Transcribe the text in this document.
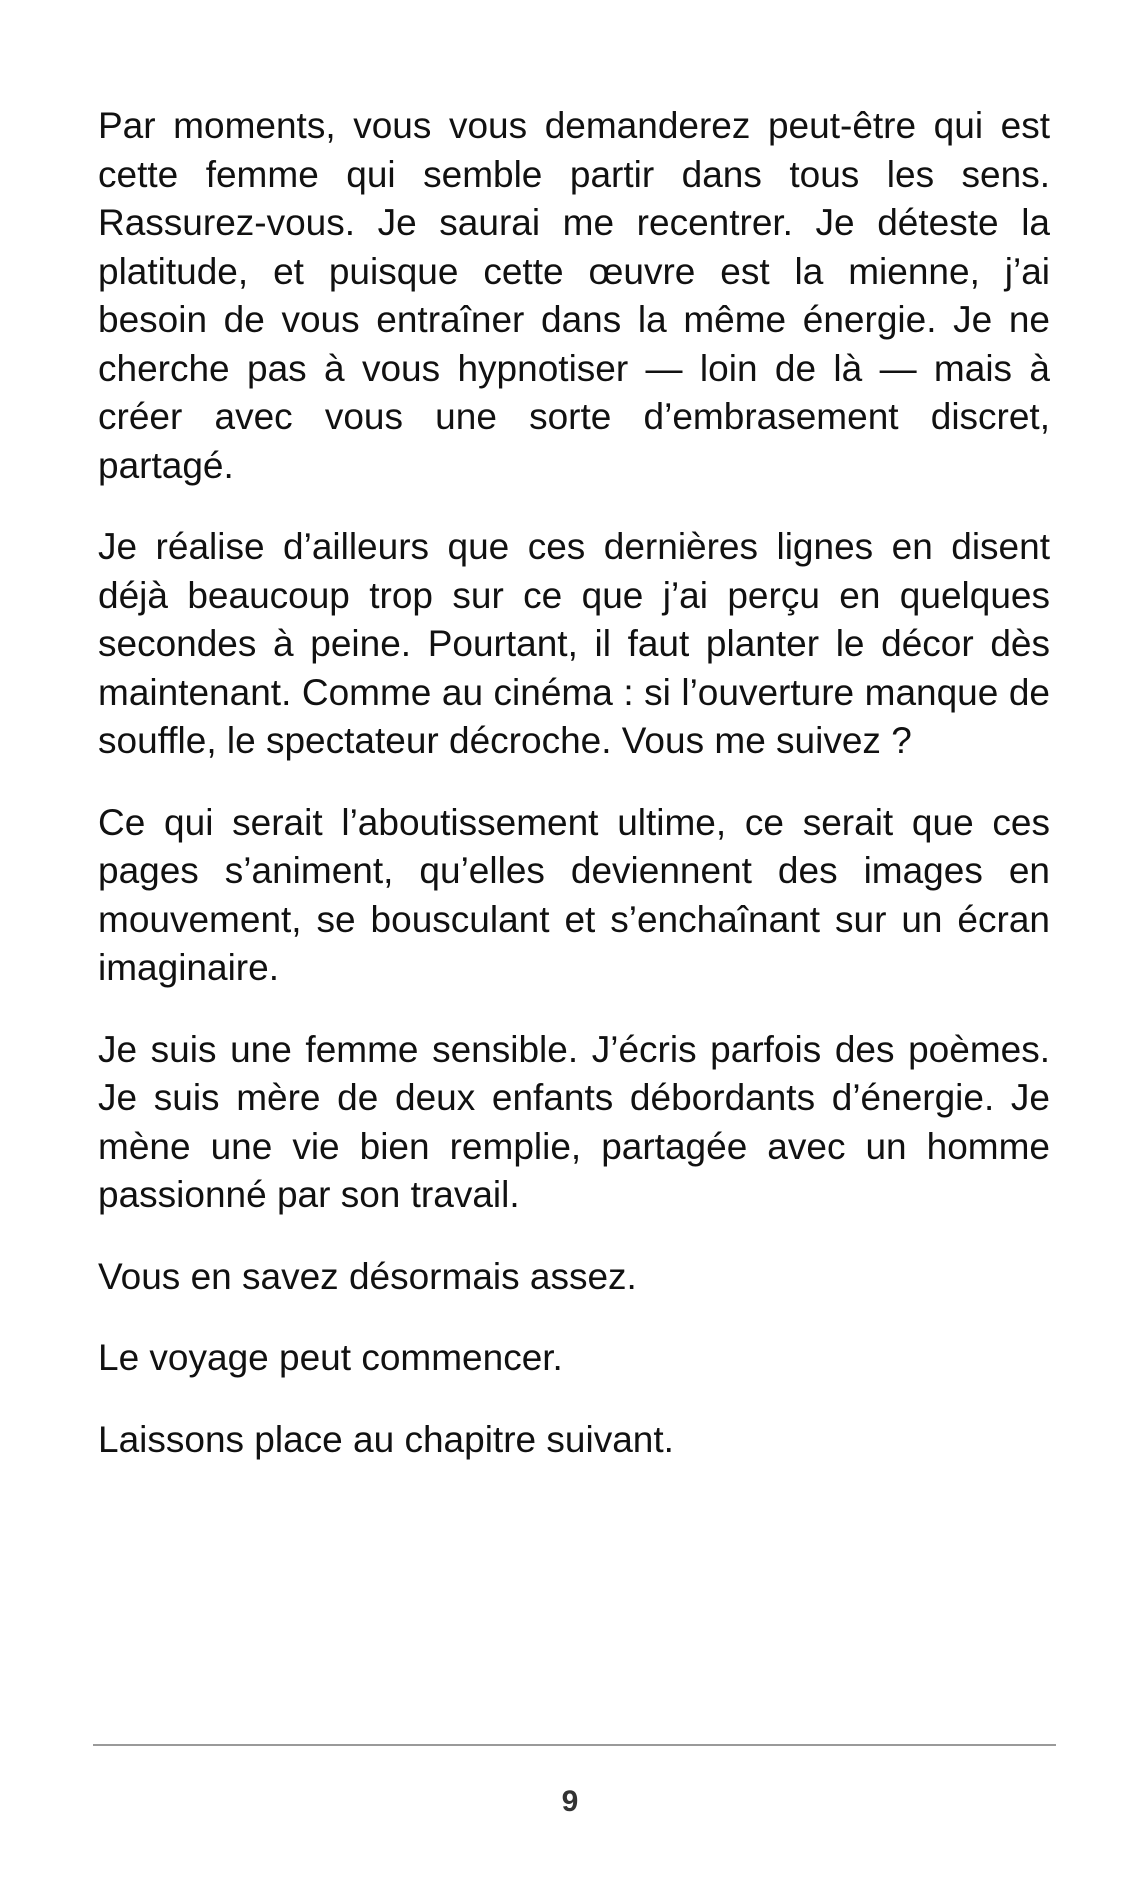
Par moments, vous vous demanderez peut-être qui est cette femme qui semble partir dans tous les sens. Rassurez-vous. Je saurai me recentrer. Je déteste la platitude, et puisque cette œuvre est la mienne, j’ai besoin de vous entraîner dans la même énergie. Je ne cherche pas à vous hypnotiser — loin de là — mais à créer avec vous une sorte d’embrasement discret, partagé.

Je réalise d’ailleurs que ces dernières lignes en disent déjà beaucoup trop sur ce que j’ai perçu en quelques secondes à peine. Pourtant, il faut planter le décor dès maintenant. Comme au cinéma : si l’ouverture manque de souffle, le spectateur décroche. Vous me suivez ?

Ce qui serait l’aboutissement ultime, ce serait que ces pages s’animent, qu’elles deviennent des images en mouvement, se bousculant et s’enchaînant sur un écran imaginaire.

Je suis une femme sensible. J’écris parfois des poèmes. Je suis mère de deux enfants débordants d’énergie. Je mène une vie bien remplie, partagée avec un homme passionné par son travail.

Vous en savez désormais assez.

Le voyage peut commencer.

Laissons place au chapitre suivant.

9
